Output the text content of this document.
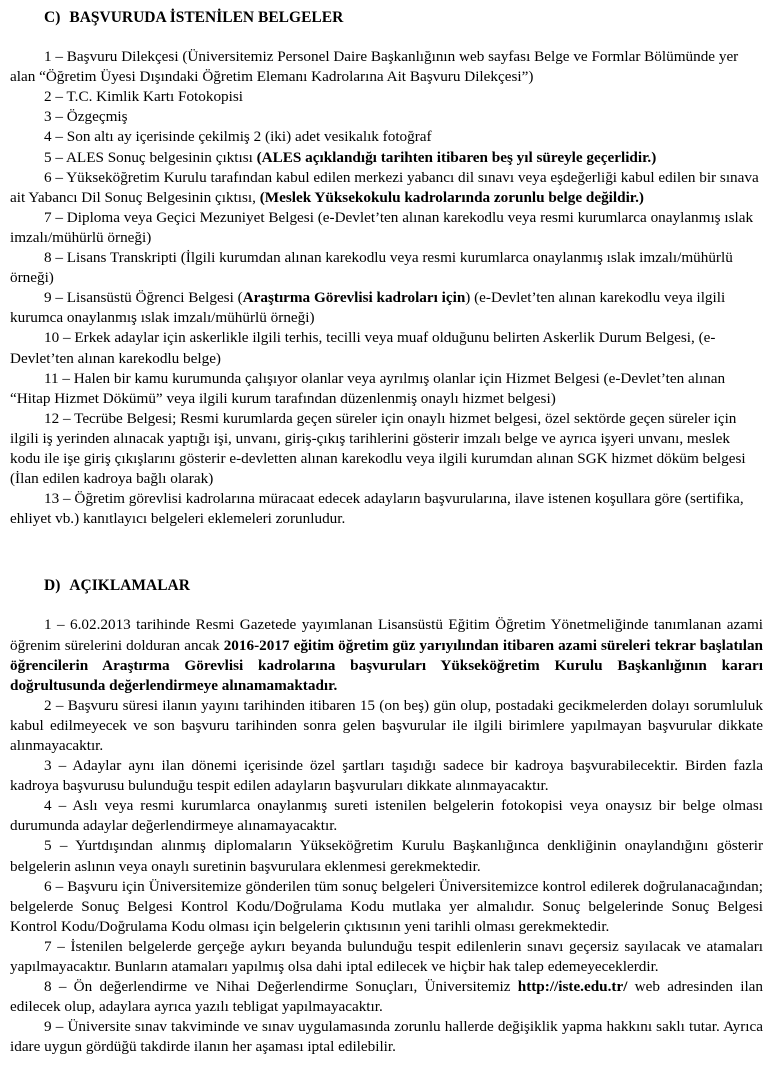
C) BAŞVURUDA İSTENİLEN BELGELER

1 – Başvuru Dilekçesi (Üniversitemiz Personel Daire Başkanlığının web sayfası Belge ve Formlar Bölümünde yer alan “Öğretim Üyesi Dışındaki Öğretim Elemanı Kadrolarına Ait Başvuru Dilekçesi”)

2 – T.C. Kimlik Kartı Fotokopisi

3 – Özgeçmiş

4 – Son altı ay içerisinde çekilmiş 2 (iki) adet vesikalık fotoğraf

5 – ALES Sonuç belgesinin çıktısı (ALES açıklandığı tarihten itibaren beş yıl süreyle geçerlidir.)

6 – Yükseköğretim Kurulu tarafından kabul edilen merkezi yabancı dil sınavı veya eşdeğerliği kabul edilen bir sınava ait Yabancı Dil Sonuç Belgesinin çıktısı, (Meslek Yüksekokulu kadrolarında zorunlu belge değildir.)

7 – Diploma veya Geçici Mezuniyet Belgesi (e-Devlet’ten alınan karekodlu veya resmi kurumlarca onaylanmış ıslak imzalı/mühürlü örneği)

8 – Lisans Transkripti (İlgili kurumdan alınan karekodlu veya resmi kurumlarca onaylanmış ıslak imzalı/mühürlü örneği)

9 – Lisansüstü Öğrenci Belgesi (Araştırma Görevlisi kadroları için) (e-Devlet’ten alınan karekodlu veya ilgili kurumca onaylanmış ıslak imzalı/mühürlü örneği)

10 – Erkek adaylar için askerlikle ilgili terhis, tecilli veya muaf olduğunu belirten Askerlik Durum Belgesi, (e-Devlet’ten alınan karekodlu belge)

11 – Halen bir kamu kurumunda çalışıyor olanlar veya ayrılmış olanlar için Hizmet Belgesi (e-Devlet’ten alınan “Hitap Hizmet Dökümü” veya ilgili kurum tarafından düzenlenmiş onaylı hizmet belgesi)

12 – Tecrübe Belgesi; Resmi kurumlarda geçen süreler için onaylı hizmet belgesi, özel sektörde geçen süreler için ilgili iş yerinden alınacak yaptığı işi, unvanı, giriş-çıkış tarihlerini gösterir imzalı belge ve ayrıca işyeri unvanı, meslek kodu ile işe giriş çıkışlarını gösterir e-devletten alınan karekodlu veya ilgili kurumdan alınan SGK hizmet döküm belgesi (İlan edilen kadroya bağlı olarak)

13 – Öğretim görevlisi kadrolarına müracaat edecek adayların başvurularına, ilave istenen koşullara göre (sertifika, ehliyet vb.) kanıtlayıcı belgeleri eklemeleri zorunludur.

D) AÇIKLAMALAR

1 – 6.02.2013 tarihinde Resmi Gazetede yayımlanan Lisansüstü Eğitim Öğretim Yönetmeliğinde tanımlanan azami öğrenim sürelerini dolduran ancak 2016-2017 eğitim öğretim güz yarıyılından itibaren azami süreleri tekrar başlatılan öğrencilerin Araştırma Görevlisi kadrolarına başvuruları Yükseköğretim Kurulu Başkanlığının kararı doğrultusunda değerlendirmeye alınamamaktadır.

2 – Başvuru süresi ilanın yayını tarihinden itibaren 15 (on beş) gün olup, postadaki gecikmelerden dolayı sorumluluk kabul edilmeyecek ve son başvuru tarihinden sonra gelen başvurular ile ilgili birimlere yapılmayan başvurular dikkate alınmayacaktır.

3 – Adaylar aynı ilan dönemi içerisinde özel şartları taşıdığı sadece bir kadroya başvurabilecektir. Birden fazla kadroya başvurusu bulunduğu tespit edilen adayların başvuruları dikkate alınmayacaktır.

4 – Aslı veya resmi kurumlarca onaylanmış sureti istenilen belgelerin fotokopisi veya onaysız bir belge olması durumunda adaylar değerlendirmeye alınamayacaktır.

5 – Yurtdışından alınmış diplomaların Yükseköğretim Kurulu Başkanlığınca denkliğinin onaylandığını gösterir belgelerin aslının veya onaylı suretinin başvurulara eklenmesi gerekmektedir.

6 – Başvuru için Üniversitemize gönderilen tüm sonuç belgeleri Üniversitemizce kontrol edilerek doğrulanacağından; belgelerde Sonuç Belgesi Kontrol Kodu/Doğrulama Kodu mutlaka yer almalıdır. Sonuç belgelerinde Sonuç Belgesi Kontrol Kodu/Doğrulama Kodu olması için belgelerin çıktısının yeni tarihli olması gerekmektedir.

7 – İstenilen belgelerde gerçeğe aykırı beyanda bulunduğu tespit edilenlerin sınavı geçersiz sayılacak ve atamaları yapılmayacaktır. Bunların atamaları yapılmış olsa dahi iptal edilecek ve hiçbir hak talep edemeyeceklerdir.

8 – Ön değerlendirme ve Nihai Değerlendirme Sonuçları, Üniversitemiz http://iste.edu.tr/ web adresinden ilan edilecek olup, adaylara ayrıca yazılı tebligat yapılmayacaktır.

9 – Üniversite sınav takviminde ve sınav uygulamasında zorunlu hallerde değişiklik yapma hakkını saklı tutar. Ayrıca idare uygun gördüğü takdirde ilanın her aşaması iptal edilebilir.
